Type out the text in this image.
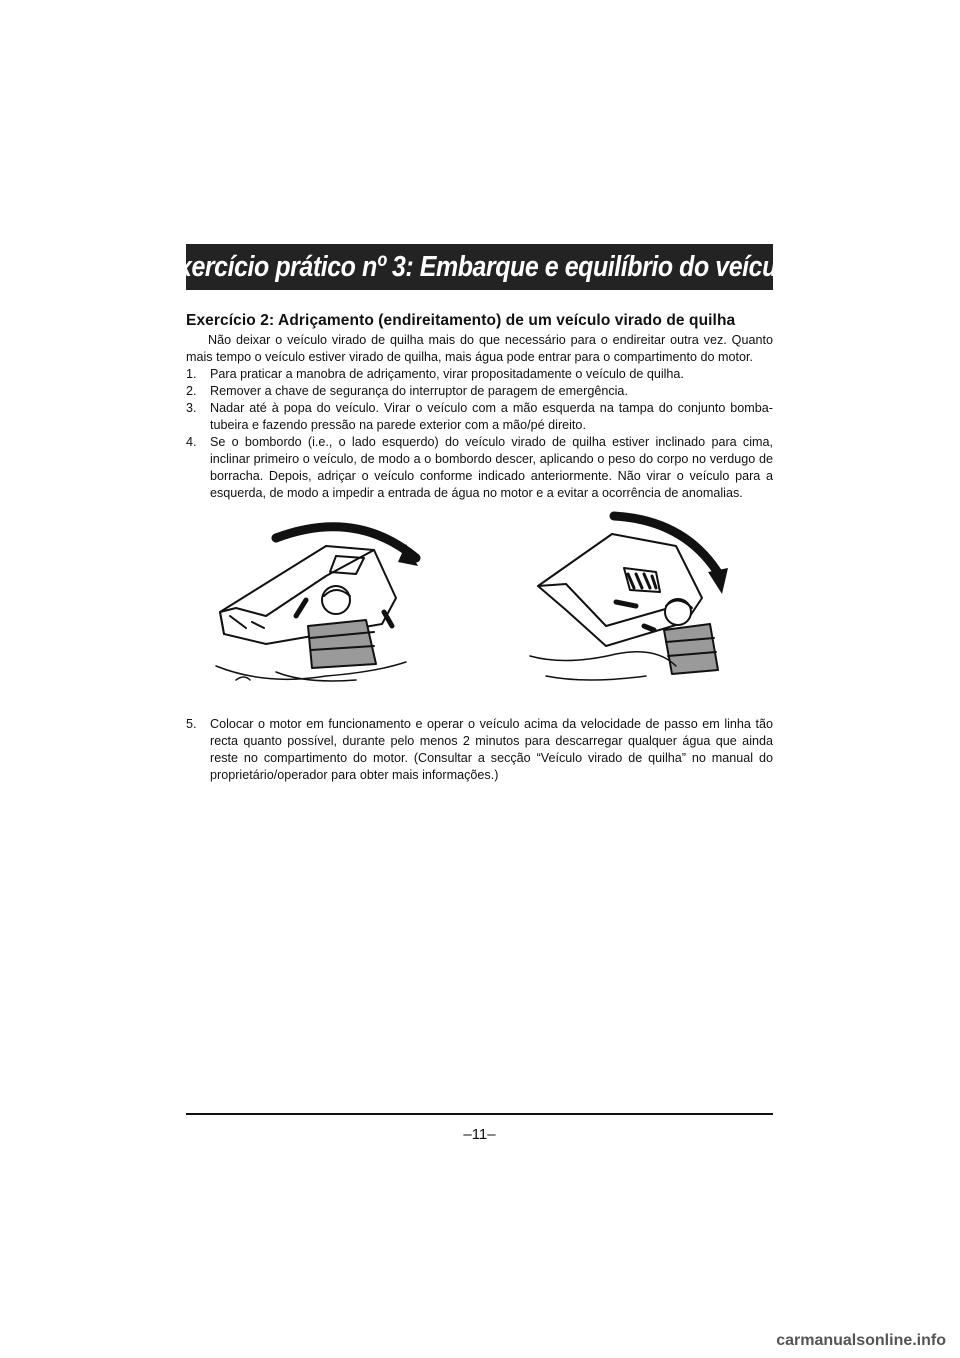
Exercício prático nº 3: Embarque e equilíbrio do veículo
Exercício 2: Adriçamento (endireitamento) de um veículo virado de quilha

Não deixar o veículo virado de quilha mais do que necessário para o endireitar outra vez. Quanto mais tempo o veículo estiver virado de quilha, mais água pode entrar para o compartimento do motor.

1. Para praticar a manobra de adriçamento, virar propositadamente o veículo de quilha.
2. Remover a chave de segurança do interruptor de paragem de emergência.
3. Nadar até à popa do veículo. Virar o veículo com a mão esquerda na tampa do conjunto bomba-tubeira e fazendo pressão na parede exterior com a mão/pé direito.
4. Se o bombordo (i.e., o lado esquerdo) do veículo virado de quilha estiver inclinado para cima, inclinar primeiro o veículo, de modo a o bombordo descer, aplicando o peso do corpo no verdugo de borracha. Depois, adriçar o veículo conforme indicado anteriormente. Não virar o veículo para a esquerda, de modo a impedir a entrada de água no motor e a evitar a ocorrência de anomalias.
5. Colocar o motor em funcionamento e operar o veículo acima da velocidade de passo em linha tão recta quanto possível, durante pelo menos 2 minutos para descarregar qualquer água que ainda reste no compartimento do motor. (Consultar a secção “Veículo virado de quilha” no manual do proprietário/operador para obter mais informações.)
–11–
carmanualsonline.info
